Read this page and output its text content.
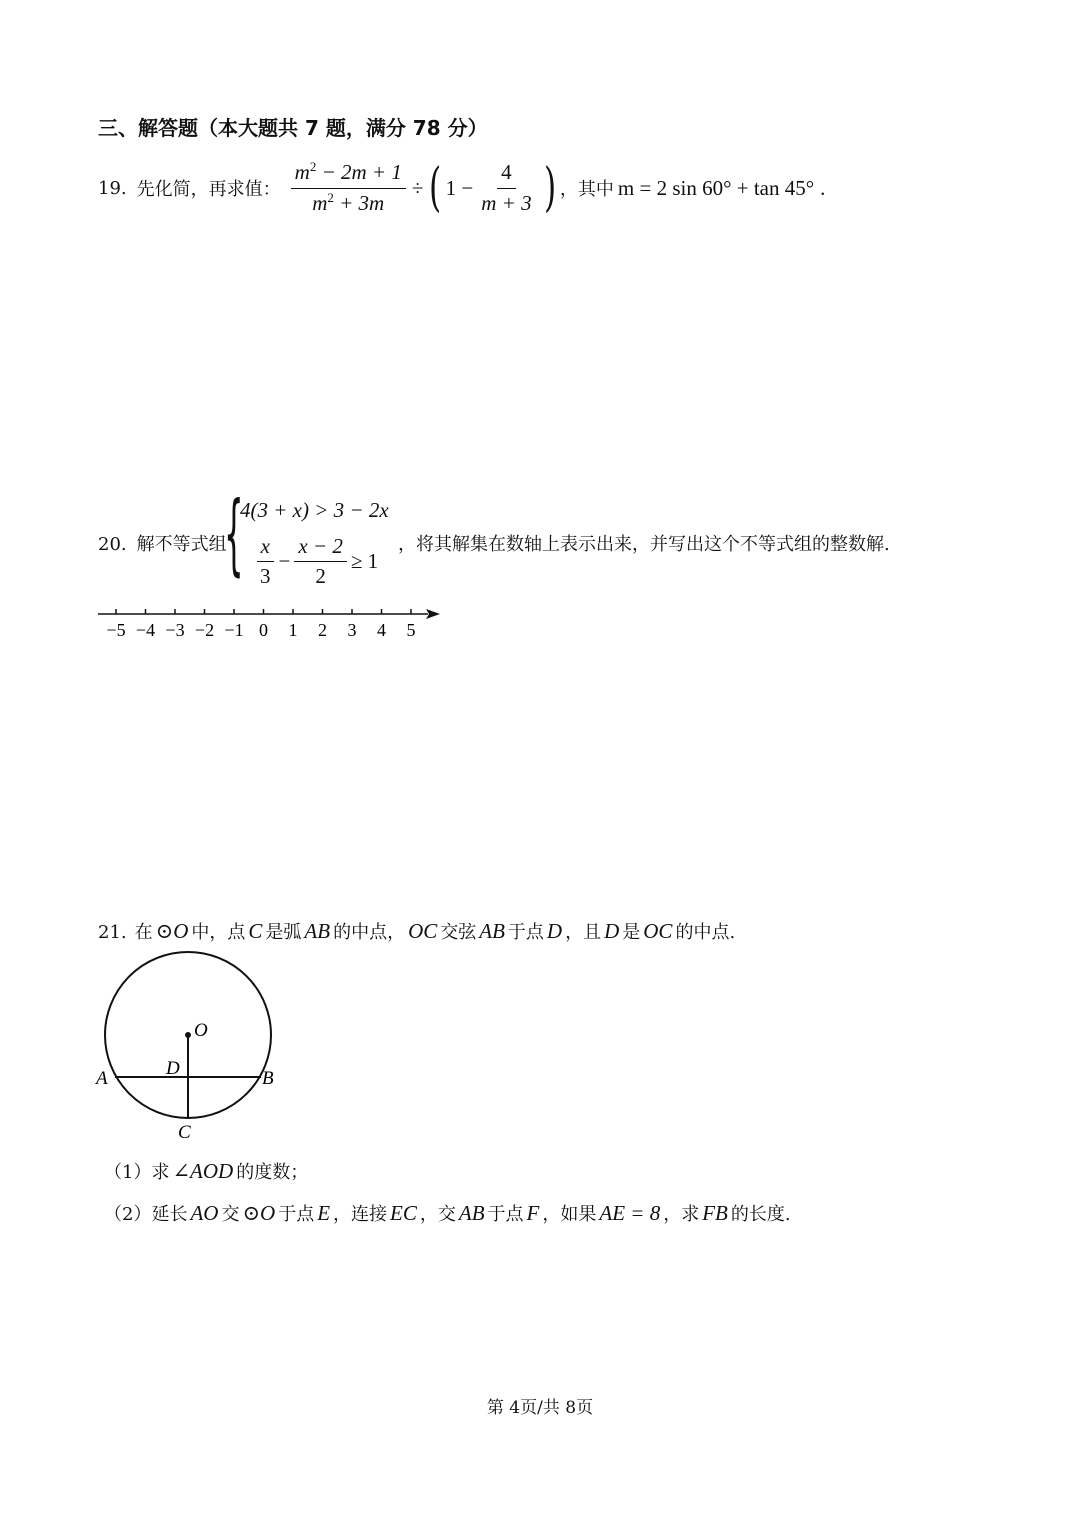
三、解答题（本大题共 7 题，满分 78 分）
19. 先化简，再求值： $\frac{m^2 - 2m + 1}{m^2 + 3m}$ ÷ ( $1 - \frac{4}{m + 3}$ ) ，其中 m = 2 sin 60° + tan 45° .
20. 解不等式组
{
4(3 + x) > 3 − 2x
$\frac{x}{3} - \frac{x - 2}{2} \ge 1$
，将其解集在数轴上表示出来，并写出这个不等式组的整数解.
−5 −4 −3 −2 −1 0 1 2 3 4 5
21. 在 ⊙O 中，点 C 是弧 AB 的中点， OC 交弦 AB 于点 D ，且 D 是 OC 的中点.
O
D
A	B
C
（1）求 ∠AOD 的度数；
（2）延长 AO 交 ⊙O 于点 E ，连接 EC ，交 AB 于点 F ，如果 AE = 8 ，求 FB 的长度.
第 4页/共 8页
